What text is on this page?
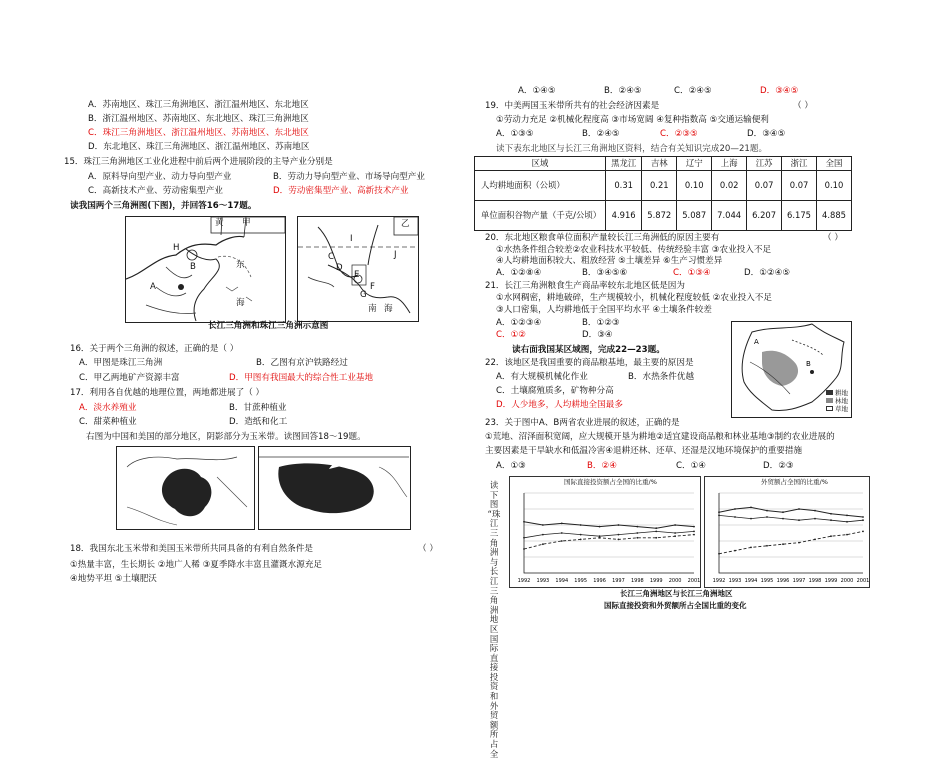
A．苏南地区、珠江三角洲地区、浙江温州地区、东北地区
B．浙江温州地区、苏南地区、东北地区、珠江三角洲地区
C．珠江三角洲地区、浙江温州地区、苏南地区、东北地区
D．东北地区、珠江三角洲地区、浙江温州地区、苏南地区
15．珠江三角洲地区工业化进程中前后两个进展阶段的主导产业分别是
A．原料导向型产业、动力导向型产业	B．劳动力导向型产业、市场导向型产业
C．高新技术产业、劳动密集型产业	D．劳动密集型产业、高新技术产业
读我国两个三角洲图(下图)，并回答16～17题。
甲
黄
东
海
H
A
B
乙
南 海
I
J
D
E
F
G
C
长江三角洲和珠江三角洲示意图
16．关于两个三角洲的叙述，正确的是（ ）
A．甲图是珠江三角洲	B．乙图有京沪铁路经过
C．甲乙两地矿产资源丰富	D．甲图有我国最大的综合性工业基地
17．利用各自优越的地理位置，两地都进展了（ ）
A．淡水养殖业	B．甘蔗种植业
C．甜菜种植业	D．造纸和化工
右图为中国和美国的部分地区，阴影部分为玉米带。读图回答18～19题。
18．我国东北玉米带和美国玉米带所共同具备的有利自然条件是	（ ）
①热量丰富，生长期长 ②地广人稀 ③夏季降水丰富且灌溉水源充足
④地势平坦 ⑤土壤肥沃
A．①④⑤	B．②④⑤	C．②④⑤	D．③④⑤
19．中美两国玉米带所共有的社会经济因素是	（ ）
①劳动力充足 ②机械化程度高 ③市场宽阔 ④复种指数高 ⑤交通运输便利
A．①③⑤	B．②④⑤	C．②③⑤	D．③④⑤
读下表东北地区与长江三角洲地区资料，结合有关知识完成20—21题。
区域	黑龙江	吉林	辽宁	上海	江苏	浙江	全国
人均耕地面积（公顷）	0.31	0.21	0.10	0.02	0.07	0.07	0.10
单位面积谷物产量（千克/公顷）	4.916	5.872	5.087	7.044	6.207	6.175	4.885
20．东北地区粮食单位面积产量较长江三角洲低的原因主要有	（ ）
①水热条件组合较差②农业科技水平较低、传统经验丰富 ③农业投入不足
④人均耕地面积较大、粗放经营 ⑤土壤差异 ⑥生产习惯差异
A．①②⑧④	B．③④⑤⑥	C．①③④	D．①②④⑤
21．长江三角洲粮食生产商品率较东北地区低是因为
①水网稠密，耕地破碎，生产规模较小，机械化程度较低 ②农业投入不足
③人口密集，人均耕地低于全国平均水平 ④土壤条件较差
A．①②③④	B．①②③
C．①②	D．③④
读右面我国某区域图，完成22—23题。
A
B
耕地
林地
草地
22．该地区是我国重要的商品粮基地，最主要的原因是
A．有大规模机械化作业	B．水热条件优越
C．土壤腐殖质多，矿物种分高
D．人少地多，人均耕地全国最多
23．关于图中A、B两省农业进展的叙述，正确的是
①荒地、沼泽面积宽阔，应大规模开垦为耕地②适宜建设商品粮和林业基地③制约农业进展的
主要因素是干旱缺水和低温冷害④退耕还林、还草、还湿是汉地环境保护的重要措施
A．①③	B．②④	C．①④	D．②③
读
下
图
“珠
江
三
角
洲
与
长
江
三
角
洲
地
区
国
际
直
接
投
资
和
外
贸
额
所
占
全
国际直接投资额占全国的比重/%
1992 1993 1994 1995 1996 1997 1998 1999 2000 2001
外贸额占全国的比重/%
1992 1993 1994 1995 1996 1997 1998 1999 2000 2001
长江三角洲地区与长江三角洲地区
国际直接投资和外贸额所占全国比重的变化
